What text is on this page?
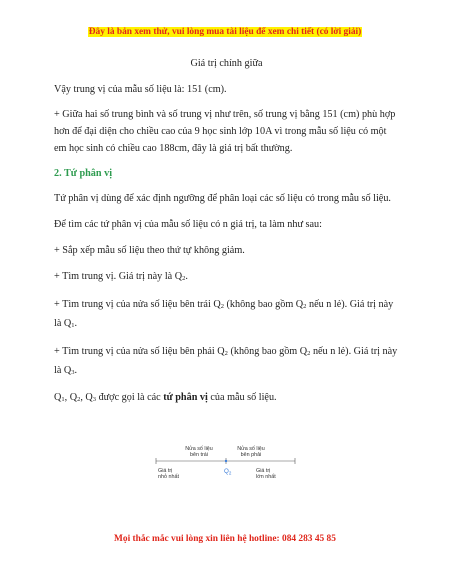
Đây là bản xem thử, vui lòng mua tài liệu để xem chi tiết (có lời giải)

Giá trị chính giữa

Vậy trung vị của mẫu số liệu là: 151 (cm).

+ Giữa hai số trung bình và số trung vị như trên, số trung vị bằng 151 (cm) phù hợp hơn để đại diện cho chiều cao của 9 học sinh lớp 10A vì trong mẫu số liệu có một em học sinh có chiều cao 188cm, đây là giá trị bất thường.

2. Tứ phân vị

Tứ phân vị dùng để xác định ngưỡng để phân loại các số liệu có trong mẫu số liệu.

Để tìm các tứ phân vị của mẫu số liệu có n giá trị, ta làm như sau:

+ Sắp xếp mẫu số liệu theo thứ tự không giảm.

+ Tìm trung vị. Giá trị này là Q2.

+ Tìm trung vị của nửa số liệu bên trái Q2 (không bao gồm Q2 nếu n lẻ). Giá trị này là Q1.

+ Tìm trung vị của nửa số liệu bên phải Q2 (không bao gồm Q2 nếu n lẻ). Giá trị này là Q3.

Q1, Q2, Q3 được gọi là các tứ phân vị của mẫu số liệu.

Nửa số liệu
bên trái
Nửa số liệu
bên phải
$Q_2$
Giá trị
nhỏ nhất
Giá trị
lớn nhất
Mọi thắc mắc vui lòng xin liên hệ hotline: 084 283 45 85
